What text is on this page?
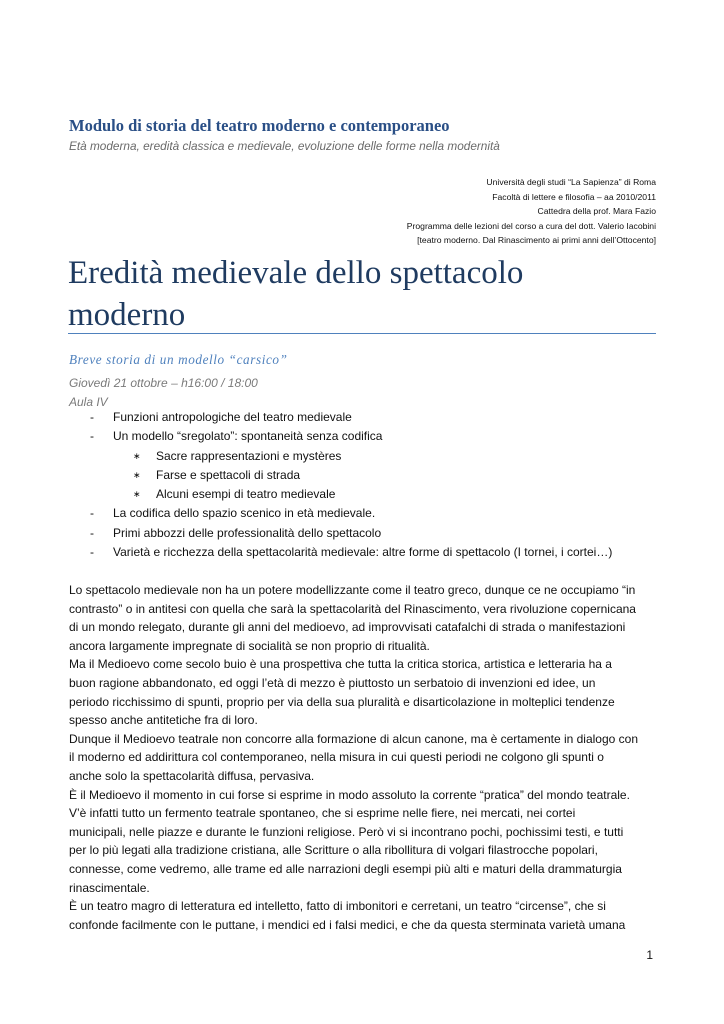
Modulo di storia del teatro moderno e contemporaneo
Età moderna, eredità classica e medievale, evoluzione delle forme nella modernità
Università degli studi “La Sapienza” di Roma
Facoltà di lettere e filosofia – aa 2010/2011
Cattedra della prof. Mara Fazio
Programma delle lezioni del corso a cura del dott. Valerio Iacobini
[teatro moderno. Dal Rinascimento ai primi anni dell’Ottocento]
Eredità medievale dello spettacolo
moderno
Breve storia di un modello “carsico”
Giovedì 21 ottobre – h16:00 / 18:00
Aula IV
- Funzioni antropologiche del teatro medievale
- Un modello “sregolato”: spontaneità senza codifica
∗ Sacre rappresentazioni e mystères
∗ Farse e spettacoli di strada
∗ Alcuni esempi di teatro medievale
- La codifica dello spazio scenico in età medievale.
- Primi abbozzi delle professionalità dello spettacolo
- Varietà e ricchezza della spettacolarità medievale: altre forme di spettacolo (I tornei, i cortei…)
Lo spettacolo medievale non ha un potere modellizzante come il teatro greco, dunque ce ne occupiamo “in
contrasto” o in antitesi con quella che sarà la spettacolarità del Rinascimento, vera rivoluzione copernicana
di un mondo relegato, durante gli anni del medioevo, ad improvvisati catafalchi di strada o manifestazioni
ancora largamente impregnate di socialità se non proprio di ritualità.
Ma il Medioevo come secolo buio è una prospettiva che tutta la critica storica, artistica e letteraria ha a
buon ragione abbandonato, ed oggi l’età di mezzo è piuttosto un serbatoio di invenzioni ed idee, un
periodo ricchissimo di spunti, proprio per via della sua pluralità e disarticolazione in molteplici tendenze
spesso anche antitetiche fra di loro.
Dunque il Medioevo teatrale non concorre alla formazione di alcun canone, ma è certamente in dialogo con
il moderno ed addirittura col contemporaneo, nella misura in cui questi periodi ne colgono gli spunti o
anche solo la spettacolarità diffusa, pervasiva.
È il Medioevo il momento in cui forse si esprime in modo assoluto la corrente “pratica” del mondo teatrale.
V’è infatti tutto un fermento teatrale spontaneo, che si esprime nelle fiere, nei mercati, nei cortei
municipali, nelle piazze e durante le funzioni religiose. Però vi si incontrano pochi, pochissimi testi, e tutti
per lo più legati alla tradizione cristiana, alle Scritture o alla ribollitura di volgari filastrocche popolari,
connesse, come vedremo, alle trame ed alle narrazioni degli esempi più alti e maturi della drammaturgia
rinascimentale.
È un teatro magro di letteratura ed intelletto, fatto di imbonitori e cerretani, un teatro “circense”, che si
confonde facilmente con le puttane, i mendici ed i falsi medici, e che da questa sterminata varietà umana
1
